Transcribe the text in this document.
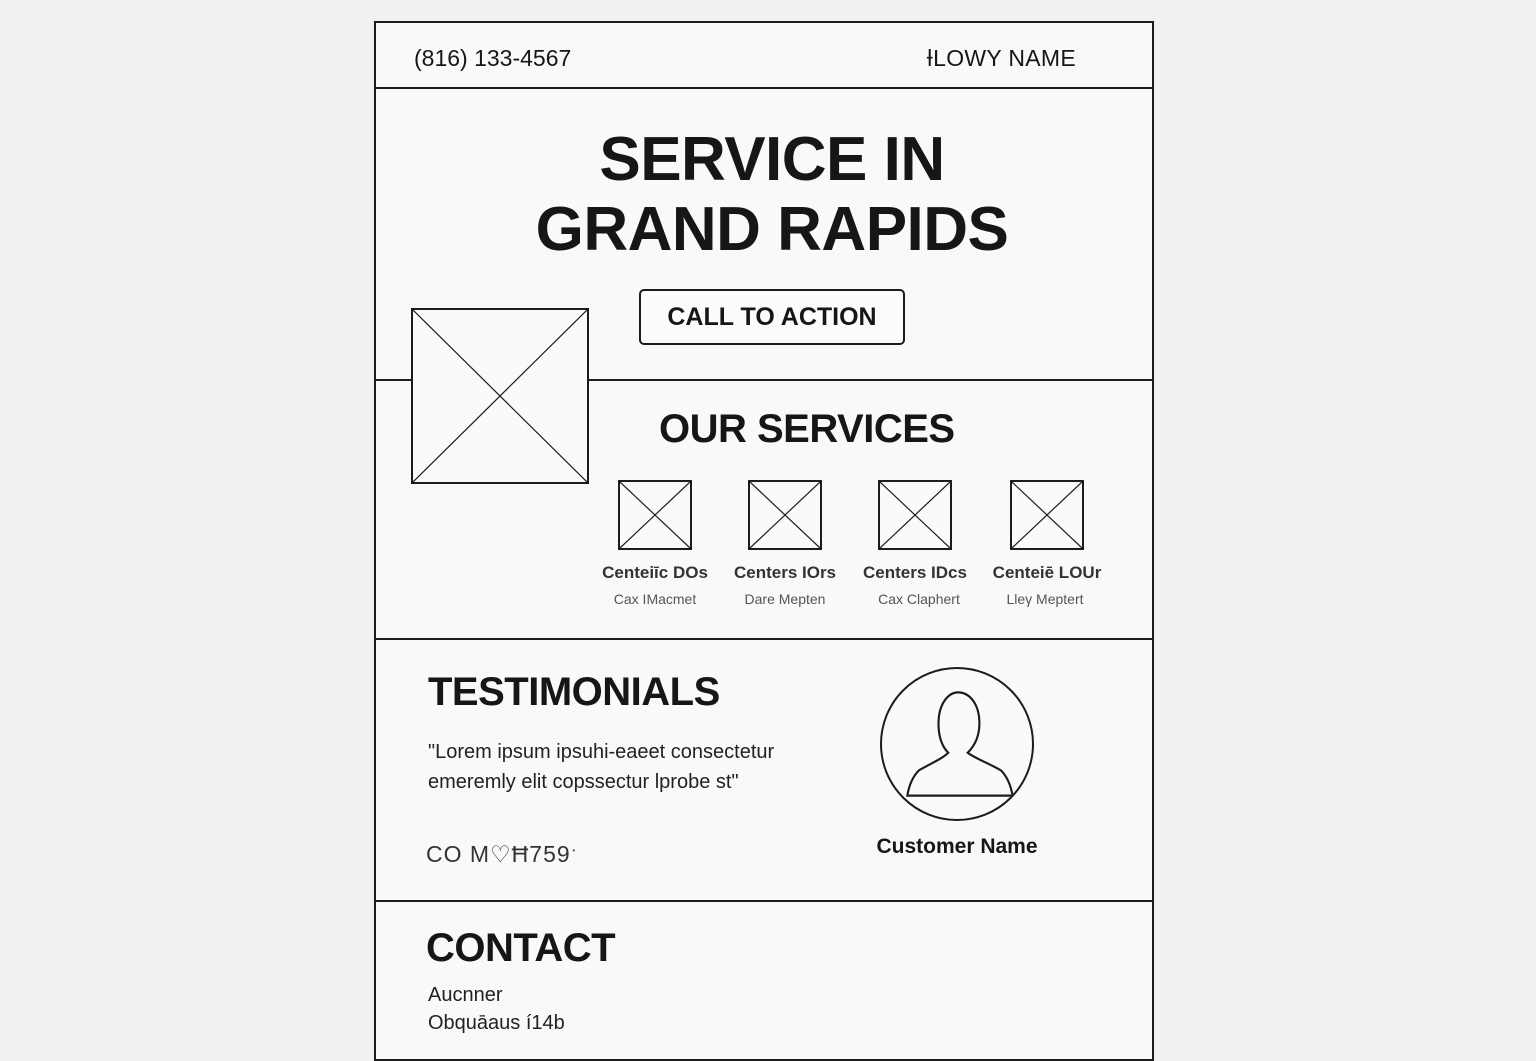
(816) 133-4567	ƗLOWY NAME
SERVICE IN
GRAND RAPIDS
CALL TO ACTION
OUR SERVICES
Centeiīc DOs
Cax IMacmet
Centers IOrs
Dare Mepten
Centers IDcs
Cax Claphert
Centeiē LOUr
Lleγ Meptert
TESTIMONIALS

"Lorem ipsum ipsuhi-eaeet consectetur
emeremly elit copssectur lprobe st"

CO M♡Ħ759ˑ	Customer Name
CONTACT
Aucnner
Obquāaus í14b
